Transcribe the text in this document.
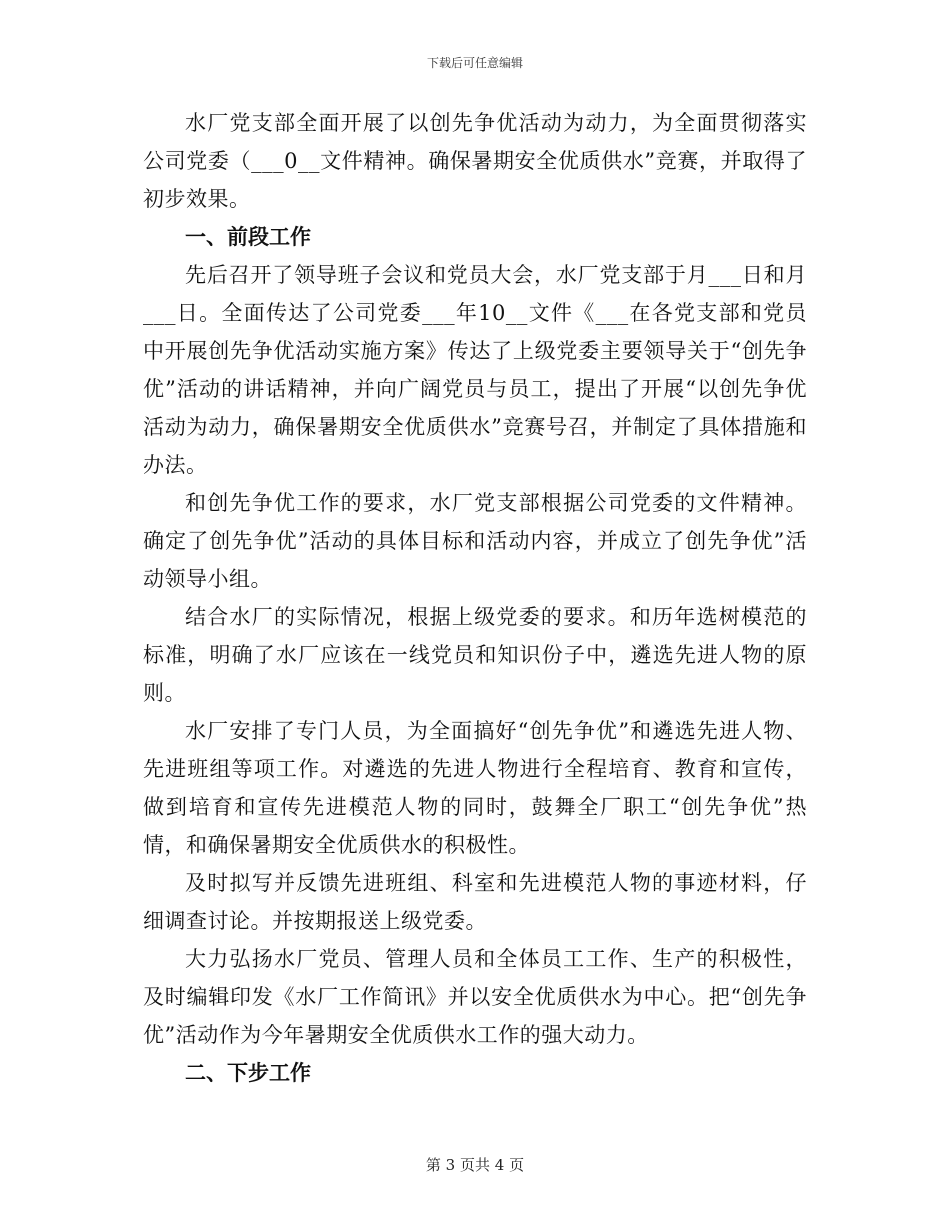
下载后可任意编辑

水厂党支部全面开展了以创先争优活动为动力，为全面贯彻落实公司党委（___0__文件精神。确保暑期安全优质供水”竞赛，并取得了初步效果。

一、前段工作

先后召开了领导班子会议和党员大会，水厂党支部于月___日和月___日。全面传达了公司党委___年10__文件《___在各党支部和党员中开展创先争优活动实施方案》传达了上级党委主要领导关于“创先争优”活动的讲话精神，并向广阔党员与员工，提出了开展“以创先争优活动为动力，确保暑期安全优质供水”竞赛号召，并制定了具体措施和办法。

和创先争优工作的要求，水厂党支部根据公司党委的文件精神。确定了创先争优”活动的具体目标和活动内容，并成立了创先争优”活动领导小组。

结合水厂的实际情况，根据上级党委的要求。和历年选树模范的标准，明确了水厂应该在一线党员和知识份子中，遴选先进人物的原则。

水厂安排了专门人员，为全面搞好“创先争优”和遴选先进人物、先进班组等项工作。对遴选的先进人物进行全程培育、教育和宣传，做到培育和宣传先进模范人物的同时，鼓舞全厂职工“创先争优”热情，和确保暑期安全优质供水的积极性。

及时拟写并反馈先进班组、科室和先进模范人物的事迹材料，仔细调查讨论。并按期报送上级党委。

大力弘扬水厂党员、管理人员和全体员工工作、生产的积极性，及时编辑印发《水厂工作简讯》并以安全优质供水为中心。把“创先争优”活动作为今年暑期安全优质供水工作的强大动力。

二、下步工作

第 3 页共 4 页
